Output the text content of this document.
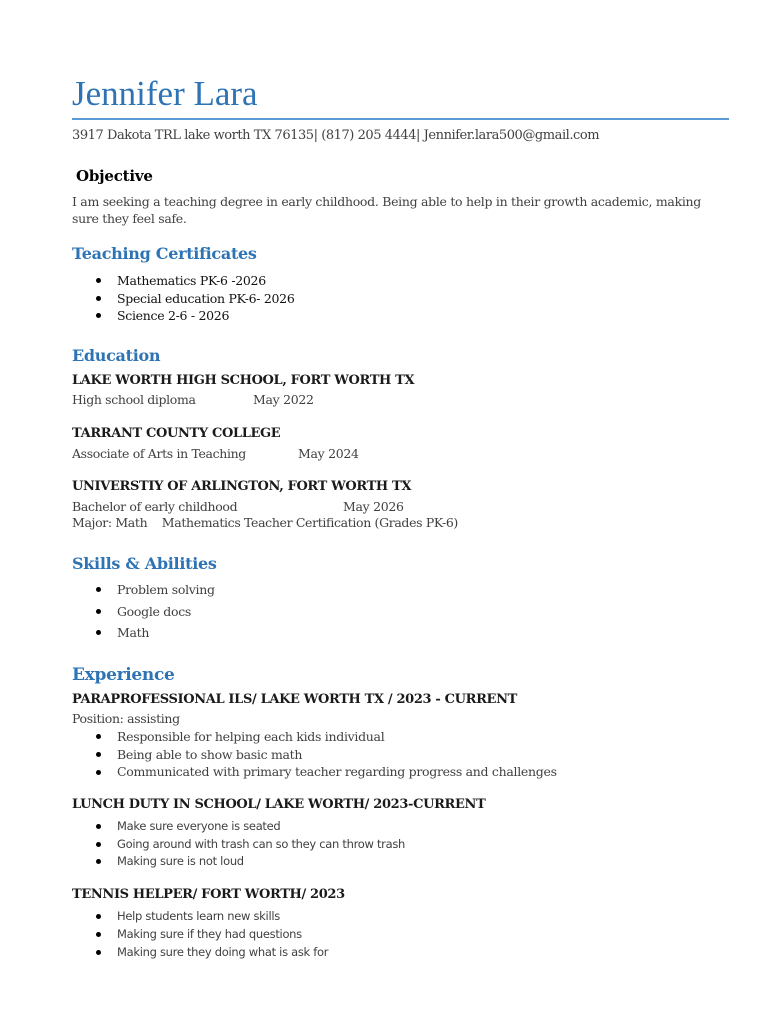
Jennifer Lara
3917 Dakota TRL lake worth TX 76135| (817) 205 4444| Jennifer.lara500@gmail.com
Objective
I am seeking a teaching degree in early childhood. Being able to help in their growth academic, making sure they feel safe.
Teaching Certificates
Mathematics PK-6 -2026
Special education PK-6- 2026
Science 2-6 - 2026
Education
LAKE WORTH HIGH SCHOOL, FORT WORTH TX
High school diploma	May 2022
TARRANT COUNTY COLLEGE
Associate of Arts in Teaching	May 2024
UNIVERSTIY OF ARLINGTON, FORT WORTH TX
Bachelor of early childhood	May 2026
Major: Math    Mathematics Teacher Certification (Grades PK-6)
Skills & Abilities
Problem solving
Google docs
Math
Experience
PARAPROFESSIONAL ILS/ LAKE WORTH TX / 2023 - CURRENT
Position: assisting
Responsible for helping each kids individual
Being able to show basic math
Communicated with primary teacher regarding progress and challenges
LUNCH DUTY IN SCHOOL/ LAKE WORTH/ 2023-CURRENT
Make sure everyone is seated
Going around with trash can so they can throw trash
Making sure is not loud
TENNIS HELPER/ FORT WORTH/ 2023
Help students learn new skills
Making sure if they had questions
Making sure they doing what is ask for
